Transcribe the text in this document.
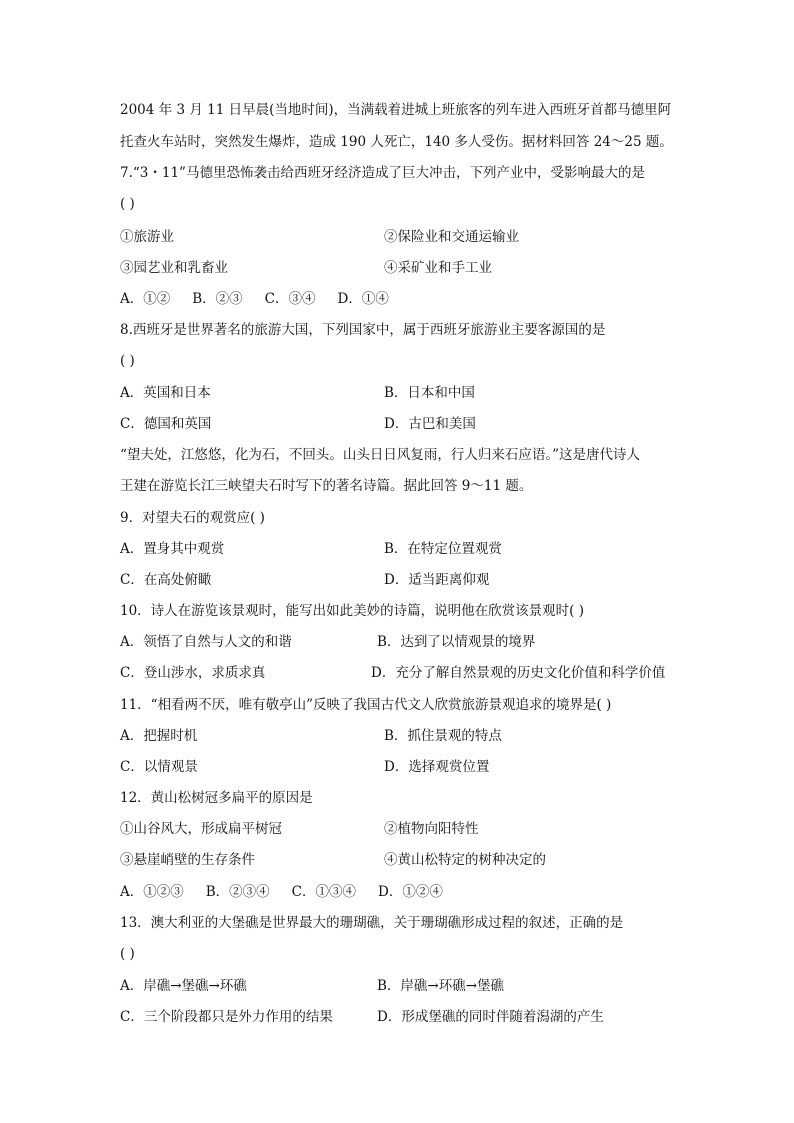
2004 年 3 月 11 日早晨(当地时间)，当满载着进城上班旅客的列车进入西班牙首都马德里阿
托查火车站时，突然发生爆炸，造成 190 人死亡，140 多人受伤。据材料回答 24～25 题。
7.“3・11”马德里恐怖袭击给西班牙经济造成了巨大冲击，下列产业中，受影响最大的是
( )
①旅游业	②保险业和交通运输业
③园艺业和乳畜业	④采矿业和手工业
A．①② B．②③ C．③④ D．①④
8.西班牙是世界著名的旅游大国，下列国家中，属于西班牙旅游业主要客源国的是
( )
A．英国和日本	B．日本和中国
C．德国和英国	D．古巴和美国
“望夫处，江悠悠，化为石，不回头。山头日日风复雨，行人归来石应语。”这是唐代诗人
王建在游览长江三峡望夫石时写下的著名诗篇。据此回答 9～11 题。
9．对望夫石的观赏应( )
A．置身其中观赏	B．在特定位置观赏
C．在高处俯瞰	D．适当距离仰观
10．诗人在游览该景观时，能写出如此美妙的诗篇，说明他在欣赏该景观时( )
A．领悟了自然与人文的和谐	B．达到了以情观景的境界
C．登山涉水，求质求真	D．充分了解自然景观的历史文化价值和科学价值
11．“相看两不厌，唯有敬亭山”反映了我国古代文人欣赏旅游景观追求的境界是( )
A．把握时机	B．抓住景观的特点
C．以情观景	D．选择观赏位置
12．黄山松树冠多扁平的原因是
①山谷风大，形成扁平树冠	②植物向阳特性
③悬崖峭壁的生存条件	④黄山松特定的树种决定的
A．①②③ B．②③④ C．①③④ D．①②④
13．澳大利亚的大堡礁是世界最大的珊瑚礁，关于珊瑚礁形成过程的叙述，正确的是
( )
A．岸礁→堡礁→环礁	B．岸礁→环礁→堡礁
C．三个阶段都只是外力作用的结果	D．形成堡礁的同时伴随着潟湖的产生
